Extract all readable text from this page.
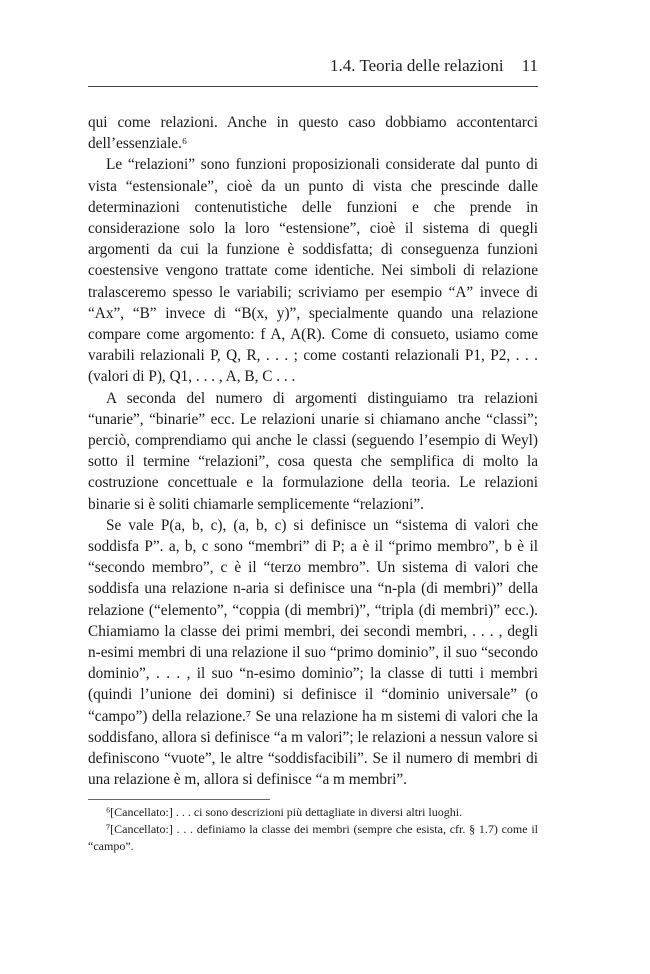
1.4. Teoria delle relazioni 11

qui come relazioni. Anche in questo caso dobbiamo accontentarci dell’essenziale.⁶

Le “relazioni” sono funzioni proposizionali considerate dal punto di vista “estensionale”, cioè da un punto di vista che prescinde dalle determinazioni contenutistiche delle funzioni e che prende in considerazione solo la loro “estensione”, cioè il sistema di quegli argomenti da cui la funzione è soddisfatta; di conseguenza funzioni coestensive vengono trattate come identiche. Nei simboli di relazione tralasceremo spesso le variabili; scriviamo per esempio “A” invece di “Ax”, “B” invece di “B(x, y)”, specialmente quando una relazione compare come argomento: f A, A(R). Come di consueto, usiamo come varabili relazionali P, Q, R, . . . ; come costanti relazionali P1, P2, . . . (valori di P), Q1, . . . , A, B, C . . .

A seconda del numero di argomenti distinguiamo tra relazioni “unarie”, “binarie” ecc. Le relazioni unarie si chiamano anche “classi”; perciò, comprendiamo qui anche le classi (seguendo l’esempio di Weyl) sotto il termine “relazioni”, cosa questa che semplifica di molto la costruzione concettuale e la formulazione della teoria. Le relazioni binarie si è soliti chiamarle semplicemente “relazioni”.

Se vale P(a, b, c), (a, b, c) si definisce un “sistema di valori che soddisfa P”. a, b, c sono “membri” di P; a è il “primo membro”, b è il “secondo membro”, c è il “terzo membro”. Un sistema di valori che soddisfa una relazione n-aria si definisce una “n-pla (di membri)” della relazione (“elemento”, “coppia (di membri)”, “tripla (di membri)” ecc.). Chiamiamo la classe dei primi membri, dei secondi membri, . . . , degli n-esimi membri di una relazione il suo “primo dominio”, il suo “secondo dominio”, . . . , il suo “n-esimo dominio”; la classe di tutti i membri (quindi l’unione dei domini) si definisce il “dominio universale” (o “campo”) della relazione.⁷ Se una relazione ha m sistemi di valori che la soddisfano, allora si definisce “a m valori”; le relazioni a nessun valore si definiscono “vuote”, le altre “soddisfacibili”. Se il numero di membri di una relazione è m, allora si definisce “a m membri”.

⁶[Cancellato:] . . . ci sono descrizioni più dettagliate in diversi altri luoghi.

⁷[Cancellato:] . . . definiamo la classe dei membri (sempre che esista, cfr. § 1.7) come il “campo”.
